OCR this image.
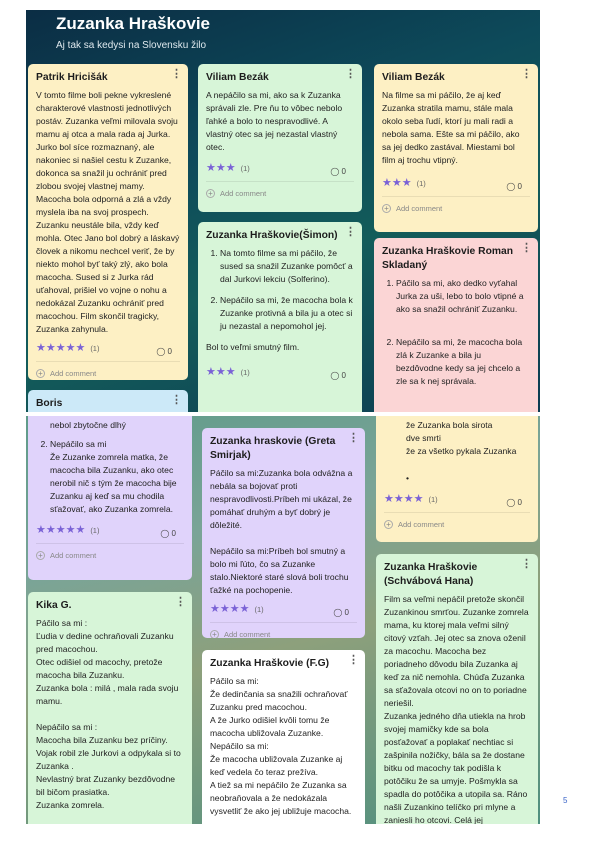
Zuzanka Hraškovie
Aj tak sa kedysi na Slovensku žilo
⋮
Patrik Hricišák

V tomto filme boli pekne vykreslené charakterové vlastnosti jednotlivých postáv. Zuzanka veľmi milovala svoju mamu aj otca a mala rada aj Jurka. Jurko bol síce rozmaznaný, ale nakoniec si našiel cestu k Zuzanke, dokonca sa snažil ju ochrániť pred zlobou svojej vlastnej mamy. Macocha bola odporná a zlá a vždy myslela iba na svoj prospech. Zuzanku neustále bila, vždy keď mohla. Otec Jano bol dobrý a láskavý človek a nikomu nechcel veriť, že by niekto mohol byť taký zlý, ako bola macocha. Sused si z Jurka rád uťahoval, prišiel vo vojne o nohu a nedokázal Zuzanku ochrániť pred macochou. Film skončil tragicky, Zuzanka zahynula.

★★★★★ (1)	◯ 0
+ Add comment
⋮
Boris
⋮
Viliam Bezák

A nepáčilo sa mi, ako sa k Zuzanka správali zle. Pre ňu to vôbec nebolo ľahké a bolo to nespravodlivé. A vlastný otec sa jej nezastal vlastný otec.

★★★ (1)	◯ 0
+ Add comment
⋮
Zuzanka Hraškovie(Šimon)
1. Na tomto filme sa mi páčilo, že sused sa snažil Zuzanke pomôcť a dal Jurkovi lekciu (Solferino).
2. Nepáčilo sa mi, že macocha bola k Zuzanke protivná a bila ju a otec si ju nezastal a nepomohol jej.

Bol to veľmi smutný film.

★★★ (1)	◯ 0
⋮
Viliam Bezák

Na filme sa mi páčilo, že aj keď Zuzanka stratila mamu, stále mala okolo seba ľudí, ktorí ju mali radi a nebola sama. Ešte sa mi páčilo, ako sa jej dedko zastával. Miestami bol film aj trochu vtipný.

★★★ (1)	◯ 0
+ Add comment
⋮
Zuzanka Hraškovie Roman Skladaný
1. Páčilo sa mi, ako dedko vyťahal Jurka za uši, lebo to bolo vtipné a ako sa snažil ochrániť Zuzanku.
2. Nepáčilo sa mi, že macocha bola zlá k Zuzanke a bila ju bezdôvodne kedy sa jej chcelo a zle sa k nej správala.

nebol zbytočne dlhý

2. Nepáčilo sa mi
Že Zuzanke zomrela matka, že macocha bila Zuzanku, ako otec nerobil nič s tým že macocha bije Zuzanku aj keď sa mu chodila sťažovať, ako Zuzanka zomrela.
★★★★★ (1)	◯ 0
+ Add comment
⋮
Kika G.

Páčilo sa mi :
Ľudia v dedine ochraňovali Zuzanku pred macochou.
Otec odišiel od macochy, pretože macocha bila Zuzanku.
Zuzanka bola : milá , mala rada svoju mamu.

Nepáčilo sa mi :
Macocha bila Zuzanku bez príčiny.
Vojak robil zle Jurkovi a odpykala si to Zuzanka .
Nevlastný brat Zuzanky bezdôvodne bil bičom prasiatka.
Zuzanka zomrela.

⋮
Zuzanka hraskovie (Greta Smirjak)

Páčilo sa mi:Zuzanka bola odvážna a nebála sa bojovať proti nespravodlivosti.Príbeh mi ukázal, že pomáhať druhým a byť dobrý je dôležité.

Nepáčilo sa mi:Príbeh bol smutný a bolo mi ľúto, čo sa Zuzanke stalo.Niektoré staré slová boli trochu ťažké na pochopenie.

★★★★ (1)	◯ 0
+ Add comment
⋮
Zuzanka Hraškovie (F.G)

Páčilo sa mi:
Že dedinčania sa snažili ochraňovať Zuzanku pred macochou.
A že Jurko odišiel kvôli tomu že macocha ubližovala Zuzanke.
Nepáčilo sa mi:
Že macocha ubližovala Zuzanke aj keď vedela čo teraz prežíva.
A tiež sa mi nepáčilo že Zuzanka sa neobraňovala a že nedokázala vysvetliť že ako jej ubližuje macocha.

že Zuzanka bola sirota

dve smrti

že za všetko pykala Zuzanka

•

★★★★ (1)	◯ 0
+ Add comment
⋮
Zuzanka Hraškovie (Schvábová Hana)

Film sa veľmi nepáčil pretože skončil Zuzankinou smrťou. Zuzanke zomrela mama, ku ktorej mala veľmi silný citový vzťah. Jej otec sa znova oženil za macochu. Macocha bez poriadneho dôvodu bila Zuzanka aj keď za nič nemohla. Chúďa Zuzanka sa sťažovala otcovi no on to poriadne neriešil.
Zuzanka jedného dňa utiekla na hrob svojej mamičky kde sa bola posťažovať a poplakať nechtiac si zašpinila nožičky, bála sa že dostane bitku od macochy tak podišla k potôčiku že sa umyje. Pošmykla sa spadla do potôčika a utopila sa. Ráno našli Zuzankino telíčko pri mlyne a zaniesli ho otcovi. Celá jej

5
